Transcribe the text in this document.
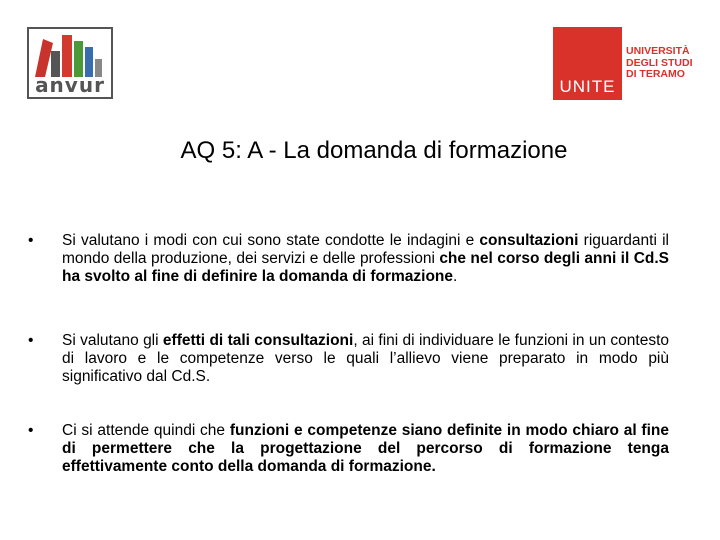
anvur	UNITE
UNIVERSITÀ
DEGLI STUDI
DI TERAMO
AQ 5: A - La domanda di formazione
• Si valutano i modi con cui sono state condotte le indagini e consultazioni riguardanti il mondo della produzione, dei servizi e delle professioni che nel corso degli anni il Cd.S ha svolto al fine di definire la domanda di formazione.
• Si valutano gli effetti di tali consultazioni, ai fini di individuare le funzioni in un contesto di lavoro e le competenze verso le quali l’allievo viene preparato in modo più significativo dal Cd.S.
• Ci si attende quindi che funzioni e competenze siano definite in modo chiaro al fine di permettere che la progettazione del percorso di formazione tenga effettivamente conto della domanda di formazione.
